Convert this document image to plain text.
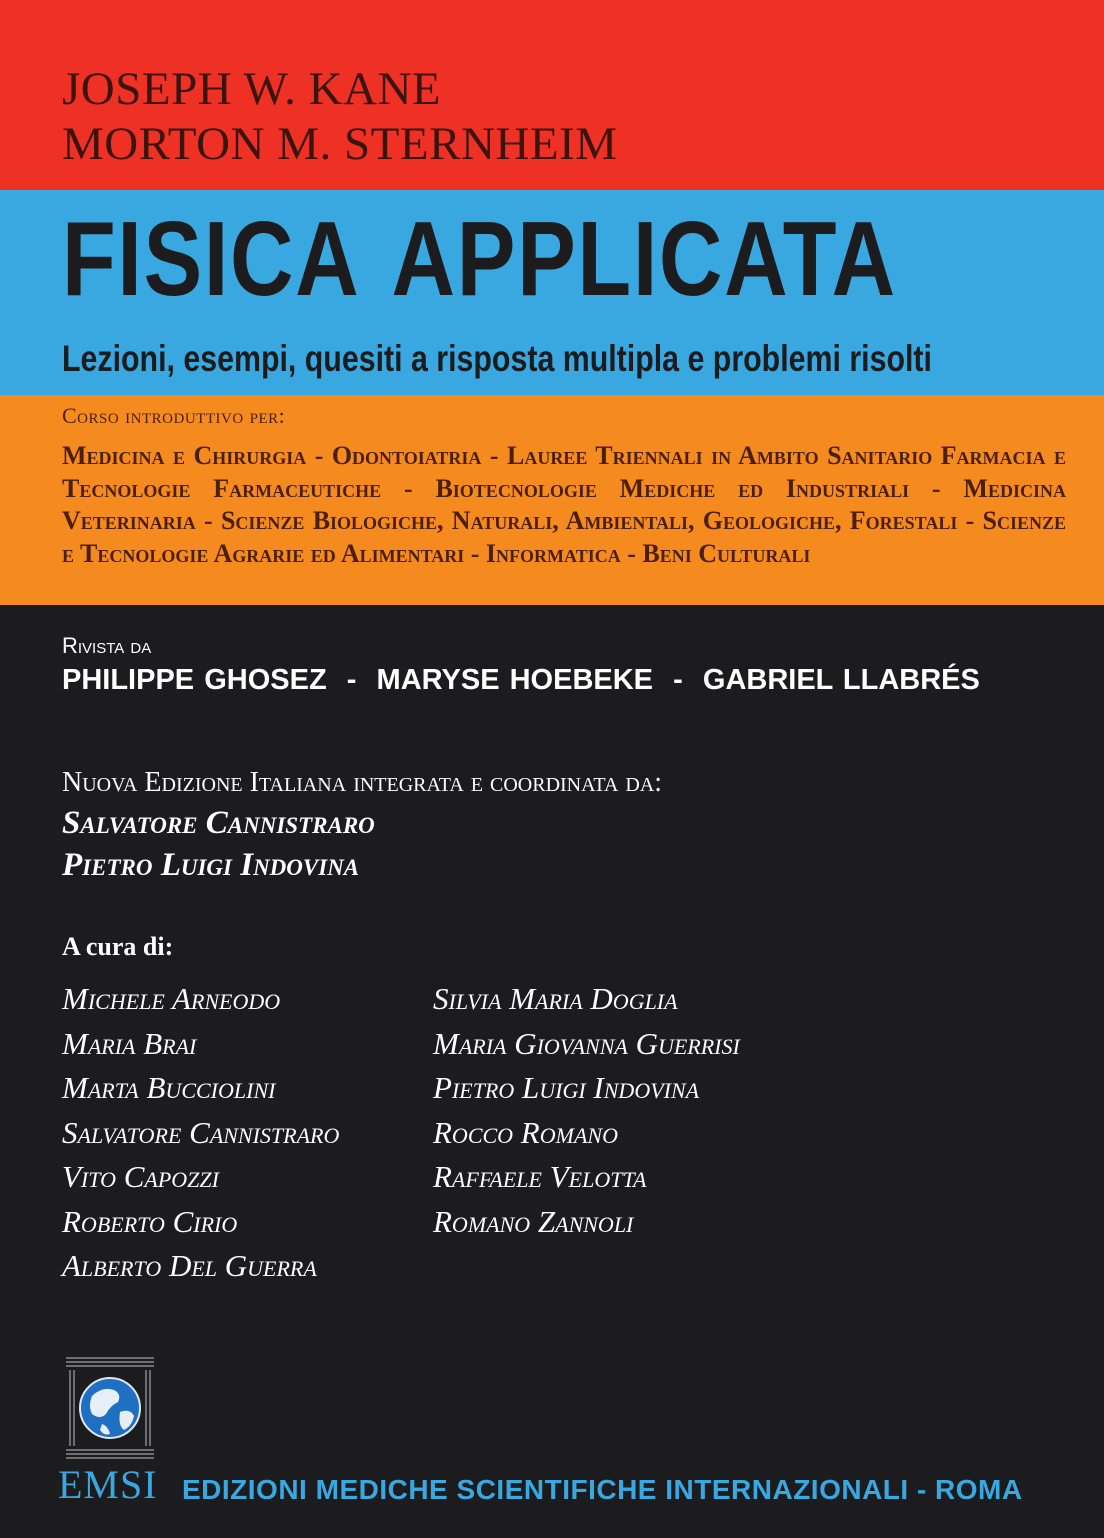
JOSEPH W. KANE
MORTON M. STERNHEIM
FISICA APPLICATA
Lezioni, esempi, quesiti a risposta multipla e problemi risolti
Corso introduttivo per:
Medicina e Chirurgia - Odontoiatria - Lauree Triennali in Ambito Sanitario Farmacia e Tecnologie Farmaceutiche - Biotecnologie Mediche ed Industriali - Medicina Veterinaria - Scienze Biologiche, Naturali, Ambientali, Geologiche, Forestali - Scienze e Tecnologie Agrarie ed Alimentari - Informatica - Beni Culturali
Rivista da
PHILIPPE GHOSEZ  -  MARYSE HOEBEKE  -  GABRIEL LLABRÉS
Nuova Edizione Italiana integrata e coordinata da:
Salvatore Cannistraro
Pietro Luigi Indovina
A cura di:
Michele Arneodo
Maria Brai
Marta Bucciolini
Salvatore Cannistraro
Vito Capozzi
Roberto Cirio
Alberto Del Guerra
Silvia Maria Doglia
Maria Giovanna Guerrisi
Pietro Luigi Indovina
Rocco Romano
Raffaele Velotta
Romano Zannoli
EMSI EDIZIONI MEDICHE SCIENTIFICHE INTERNAZIONALI - ROMA
